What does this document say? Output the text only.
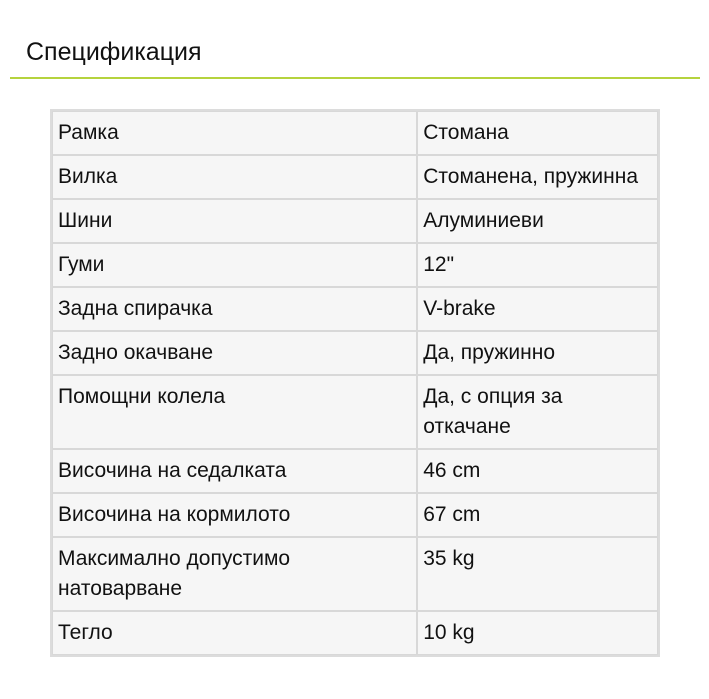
Спецификация
Рамка	Стомана
Вилка	Стоманена, пружинна
Шини	Алуминиеви
Гуми	12"
Задна спирачка	V-brake
Задно окачване	Да, пружинно
Помощни колела	Да, с опция за откачане
Височина на седалката	46 cm
Височина на кормилото	67 cm
Максимално допустимо натоварване	35 kg
Тегло	10 kg
